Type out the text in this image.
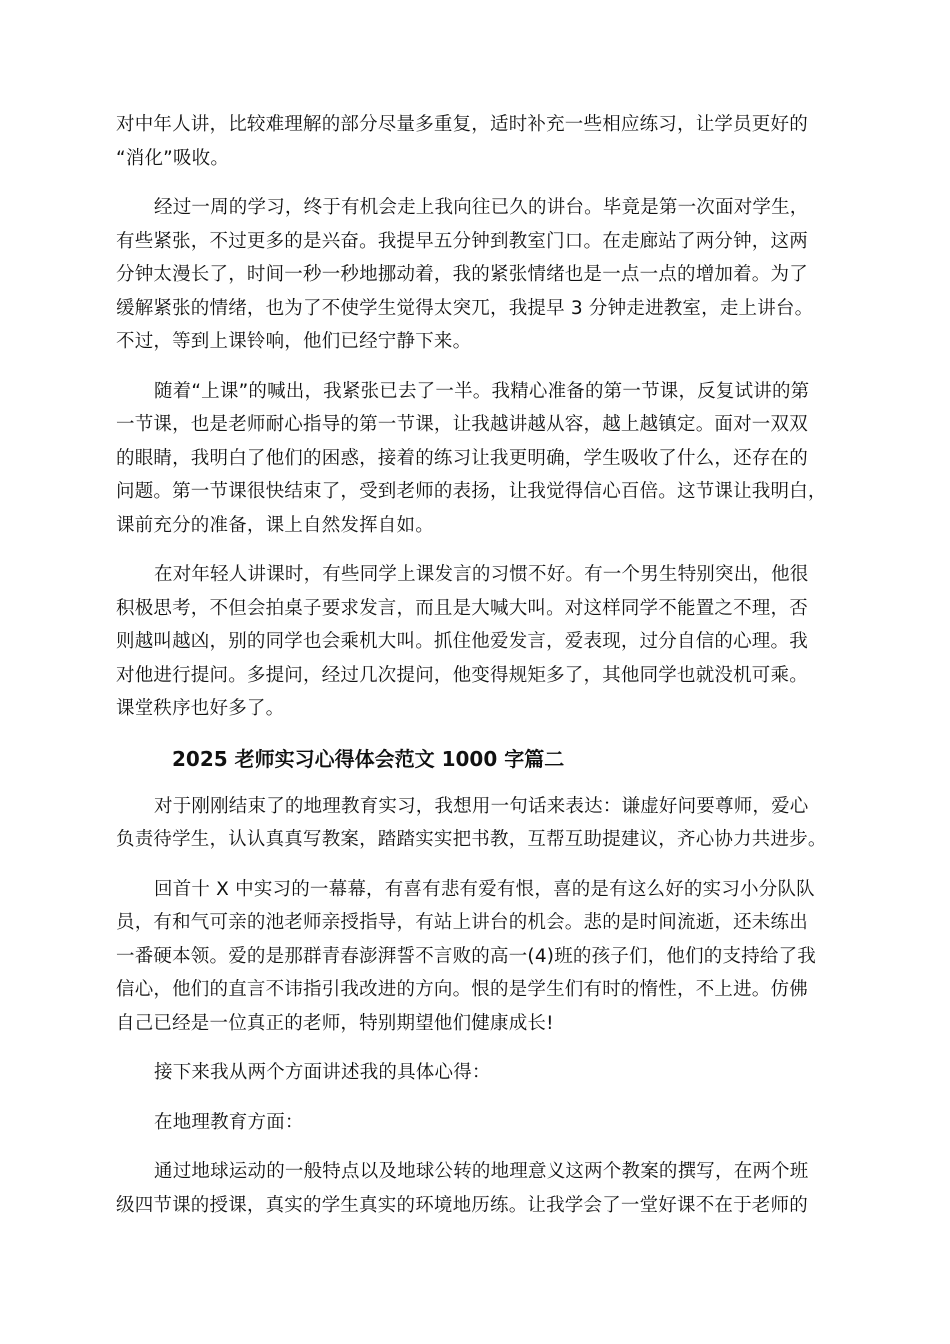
对中年人讲，比较难理解的部分尽量多重复，适时补充一些相应练习，让学员更好的
“消化”吸收。

经过一周的学习，终于有机会走上我向往已久的讲台。毕竟是第一次面对学生，
有些紧张，不过更多的是兴奋。我提早五分钟到教室门口。在走廊站了两分钟，这两
分钟太漫长了，时间一秒一秒地挪动着，我的紧张情绪也是一点一点的增加着。为了
缓解紧张的情绪，也为了不使学生觉得太突兀，我提早 3 分钟走进教室，走上讲台。
不过，等到上课铃响，他们已经宁静下来。

随着“上课”的喊出，我紧张已去了一半。我精心准备的第一节课，反复试讲的第
一节课，也是老师耐心指导的第一节课，让我越讲越从容，越上越镇定。面对一双双
的眼睛，我明白了他们的困惑，接着的练习让我更明确，学生吸收了什么，还存在的
问题。第一节课很快结束了，受到老师的表扬，让我觉得信心百倍。这节课让我明白，
课前充分的准备，课上自然发挥自如。

在对年轻人讲课时，有些同学上课发言的习惯不好。有一个男生特别突出，他很
积极思考，不但会拍桌子要求发言，而且是大喊大叫。对这样同学不能置之不理，否
则越叫越凶，别的同学也会乘机大叫。抓住他爱发言，爱表现，过分自信的心理。我
对他进行提问。多提问，经过几次提问，他变得规矩多了，其他同学也就没机可乘。
课堂秩序也好多了。

2025 老师实习心得体会范文 1000 字篇二

对于刚刚结束了的地理教育实习，我想用一句话来表达：谦虚好问要尊师，爱心
负责待学生，认认真真写教案，踏踏实实把书教，互帮互助提建议，齐心协力共进步。

回首十 X 中实习的一幕幕，有喜有悲有爱有恨，喜的是有这么好的实习小分队队
员，有和气可亲的池老师亲授指导，有站上讲台的机会。悲的是时间流逝，还未练出
一番硬本领。爱的是那群青春澎湃誓不言败的高一(4)班的孩子们，他们的支持给了我
信心，他们的直言不讳指引我改进的方向。恨的是学生们有时的惰性，不上进。仿佛
自己已经是一位真正的老师，特别期望他们健康成长!

接下来我从两个方面讲述我的具体心得：

在地理教育方面：

通过地球运动的一般特点以及地球公转的地理意义这两个教案的撰写，在两个班
级四节课的授课，真实的学生真实的环境地历练。让我学会了一堂好课不在于老师的
